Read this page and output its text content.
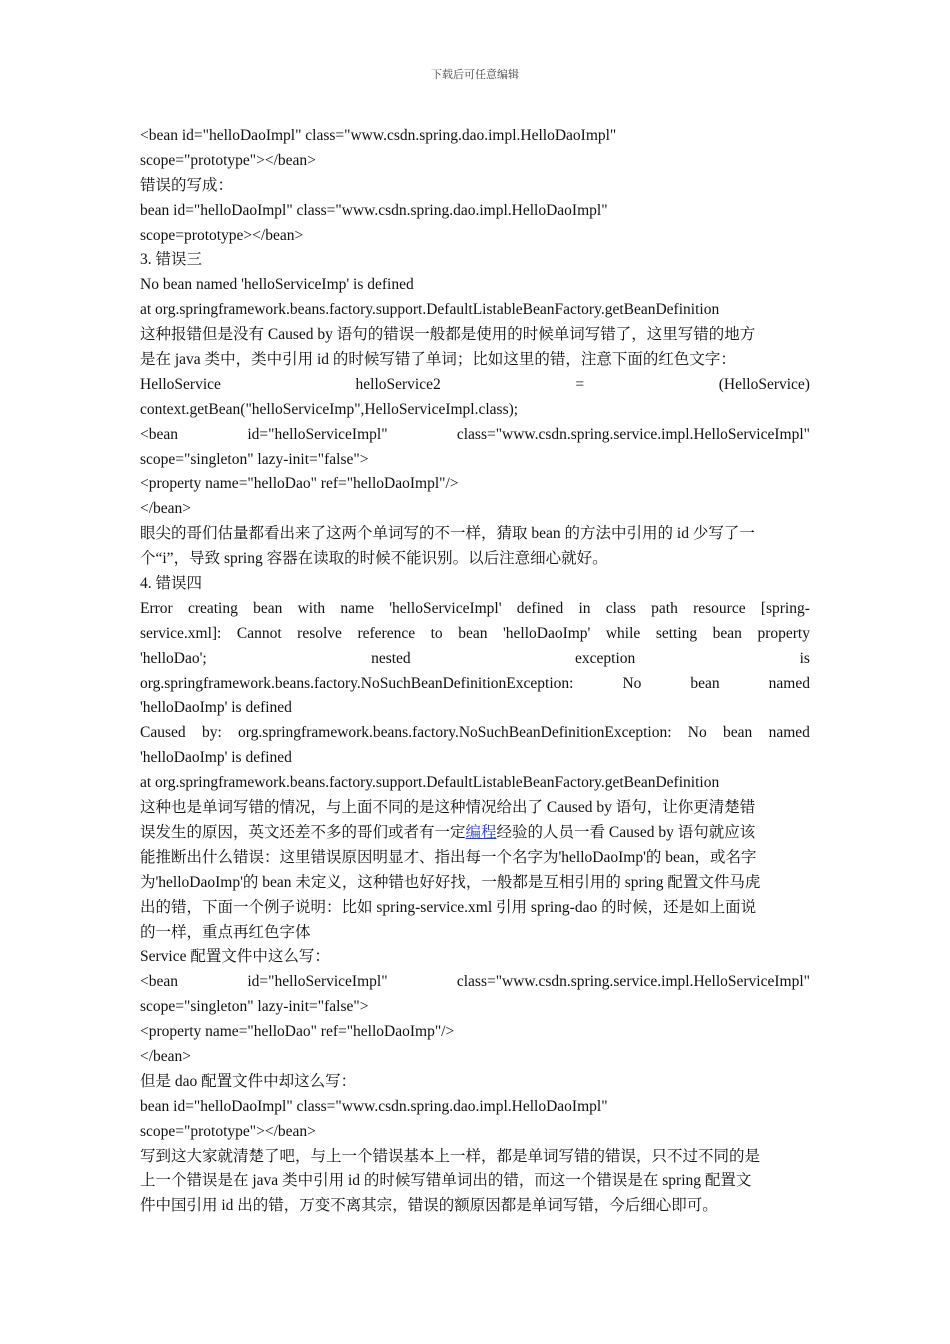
下载后可任意编辑
<bean id="helloDaoImpl" class="www.csdn.spring.dao.impl.HelloDaoImpl"
scope="prototype"></bean>
错误的写成：
bean id="helloDaoImpl" class="www.csdn.spring.dao.impl.HelloDaoImpl"
scope=prototype></bean>
3. 错误三
No bean named 'helloServiceImp' is defined
at org.springframework.beans.factory.support.DefaultListableBeanFactory.getBeanDefinition
这种报错但是没有 Caused by 语句的错误一般都是使用的时候单词写错了，这里写错的地方
是在 java 类中，类中引用 id 的时候写错了单词；比如这里的错，注意下面的红色文字：
HelloService	helloService2	=	(HelloService)
context.getBean("helloServiceImp",HelloServiceImpl.class);
<bean	id="helloServiceImpl"	class="www.csdn.spring.service.impl.HelloServiceImpl"
scope="singleton" lazy-init="false">
<property name="helloDao" ref="helloDaoImpl"/>
</bean>
眼尖的哥们估量都看出来了这两个单词写的不一样，猜取 bean 的方法中引用的 id 少写了一
个“i”，导致 spring 容器在读取的时候不能识别。以后注意细心就好。
4. 错误四
Error creating bean with name 'helloServiceImpl' defined in class path resource [spring-
service.xml]: Cannot resolve reference to bean 'helloDaoImp' while setting bean property
'helloDao';	nested	exception	is
org.springframework.beans.factory.NoSuchBeanDefinitionException:	No	bean	named
'helloDaoImp' is defined
Caused by: org.springframework.beans.factory.NoSuchBeanDefinitionException: No bean named
'helloDaoImp' is defined
at org.springframework.beans.factory.support.DefaultListableBeanFactory.getBeanDefinition
这种也是单词写错的情况，与上面不同的是这种情况给出了 Caused by 语句，让你更清楚错
误发生的原因，英文还差不多的哥们或者有一定编程经验的人员一看 Caused by 语句就应该
能推断出什么错误：这里错误原因明显才、指出每一个名字为'helloDaoImp'的 bean，或名字
为'helloDaoImp'的 bean 未定义，这种错也好好找，一般都是互相引用的 spring 配置文件马虎
出的错，下面一个例子说明：比如 spring-service.xml 引用 spring-dao 的时候，还是如上面说
的一样，重点再红色字体
Service 配置文件中这么写：
<bean	id="helloServiceImpl"	class="www.csdn.spring.service.impl.HelloServiceImpl"
scope="singleton" lazy-init="false">
<property name="helloDao" ref="helloDaoImp"/>
</bean>
但是 dao 配置文件中却这么写：
bean id="helloDaoImpl" class="www.csdn.spring.dao.impl.HelloDaoImpl"
scope="prototype"></bean>
写到这大家就清楚了吧，与上一个错误基本上一样，都是单词写错的错误，只不过不同的是
上一个错误是在 java 类中引用 id 的时候写错单词出的错，而这一个错误是在 spring 配置文
件中国引用 id 出的错，万变不离其宗，错误的额原因都是单词写错，今后细心即可。
